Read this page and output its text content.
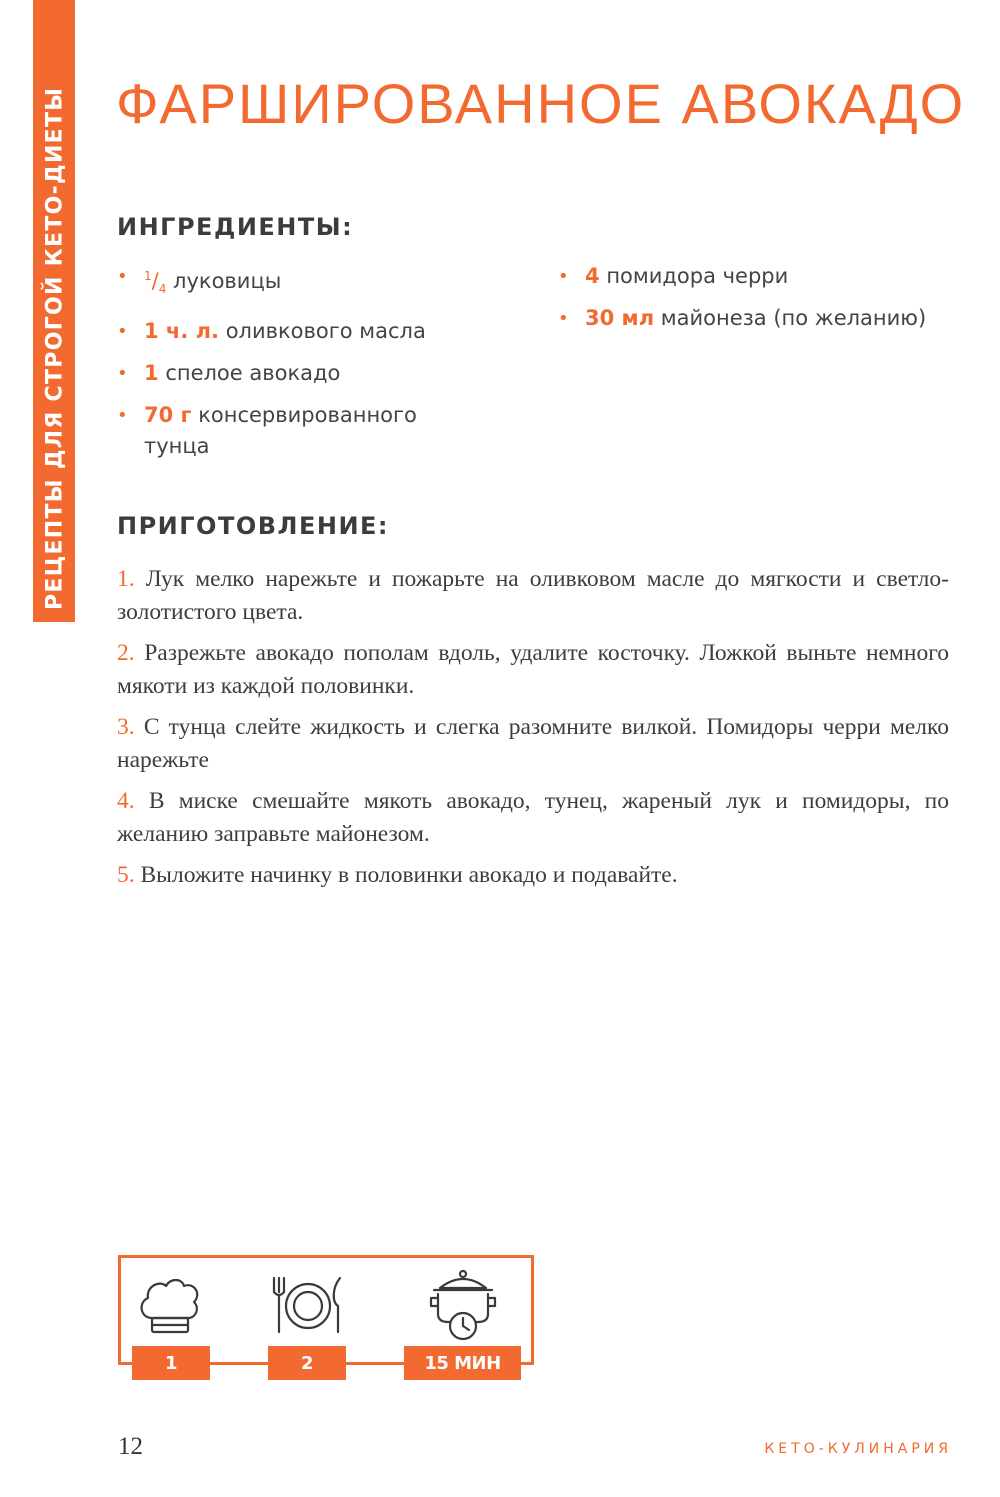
РЕЦЕПТЫ ДЛЯ СТРОГОЙ КЕТО-ДИЕТЫ ФАРШИРОВАННОЕ АВОКАДО
ИНГРЕДИЕНТЫ:
• $^1/_4$ луковицы
• 1 ч. л. оливкового масла
• 1 спелое авокадо
• 70 г консервированного тунца
• 4 помидора черри
• 30 мл майонеза (по желанию)
ПРИГОТОВЛЕНИЕ:

1. Лук мелко нарежьте и пожарьте на оливковом масле до мягкости и светло-золотистого цвета.

2. Разрежьте авокадо пополам вдоль, удалите косточку. Ложкой выньте немного мякоти из каждой половинки.

3. С тунца слейте жидкость и слегка разомните вилкой. Помидоры черри мелко нарежьте

4. В миске смешайте мякоть авокадо, тунец, жареный лук и помидоры, по желанию заправьте майонезом.

5. Выложите начинку в половинки авокадо и подавайте.

1	2	15 МИН
12	КЕТО-КУЛИНАРИЯ
